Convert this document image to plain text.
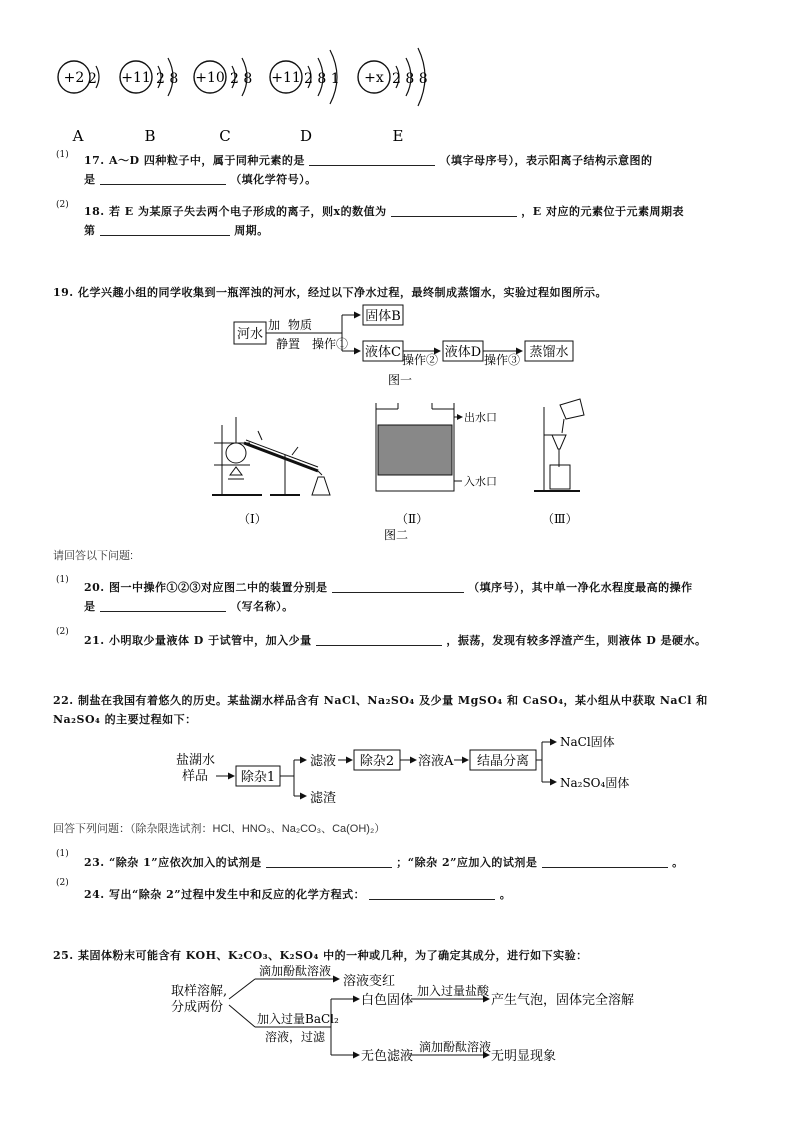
+2 2
A
+11 2 8
B
+10 2 8
C
+11 2 8 1
D
+x 2 8 8
E
(1) 17. A～D 四种粒子中，属于同种元素的是	（填字母序号），表示阳离子结构示意图的
是	（填化学符号）。
(2) 18. 若 E 为某原子失去两个电子形成的离子，则x的数值为	，E 对应的元素位于元素周期表
第	周期。
19. 化学兴趣小组的同学收集到一瓶浑浊的河水，经过以下净水过程，最终制成蒸馏水，实验过程如图所示。
河水
加 物质
静置 操作①
固体B
液体C 操作② 液体D 操作③ 蒸馏水
图一
（Ⅰ）
出水口
入水口
（Ⅱ）
图二
（Ⅲ）
请回答以下问题:
(1)
20. 图一中操作①②③对应图二中的装置分别是	（填序号），其中单一净化水程度最高的操作
是	（写名称）。
(2)
21. 小明取少量液体 D 于试管中，加入少量	，振荡，发现有较多浮渣产生，则液体 D 是硬水。
22. 制盐在我国有着悠久的历史。某盐湖水样品含有 NaCl、Na₂SO₄ 及少量 MgSO₄ 和 CaSO₄，某小组从中获取 NaCl 和
Na₂SO₄ 的主要过程如下：
盐湖水
样品	除杂1
滤液
滤渣
除杂2 溶液A 结晶分离
NaCl固体
Na₂SO₄固体
回答下列问题：（除杂限选试剂：HCl、HNO₃、Na₂CO₃、Ca(OH)₂）
(1)
23. “除杂 1”应依次加入的试剂是	；“除杂 2”应加入的试剂是	。
(2)
24. 写出“除杂 2”过程中发生中和反应的化学方程式：	。
25. 某固体粉末可能含有 KOH、K₂CO₃、K₂SO₄ 中的一种或几种，为了确定其成分，进行如下实验：
取样溶解,
分成两份
滴加酚酞溶液
溶液变红
加入过量BaCl₂
溶液，过滤
白色固体
加入过量盐酸
产生气泡，固体完全溶解
无色滤液
滴加酚酞溶液
无明显现象
